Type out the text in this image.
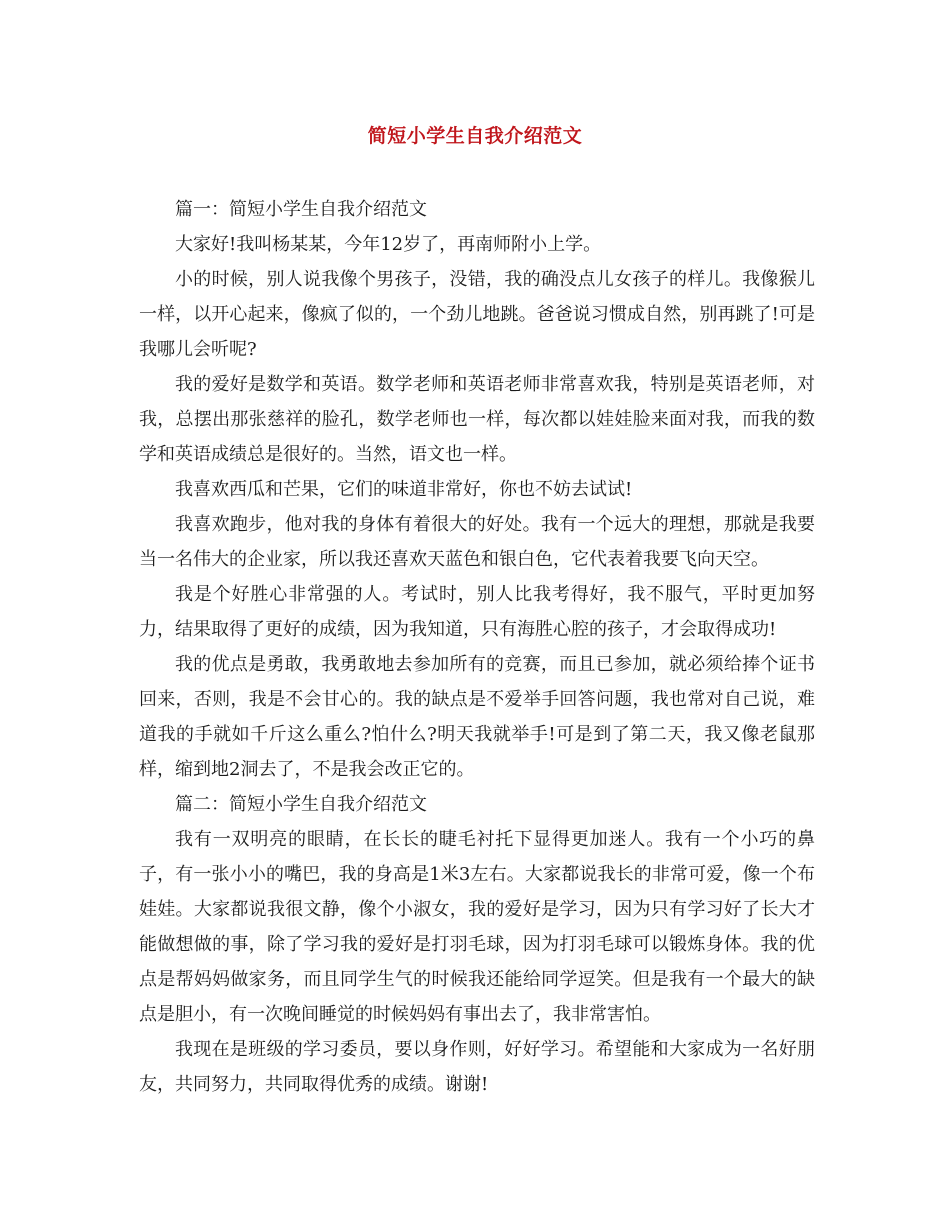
简短小学生自我介绍范文

篇一：简短小学生自我介绍范文

大家好!我叫杨某某，今年12岁了，再南师附小上学。

小的时候，别人说我像个男孩子，没错，我的确没点儿女孩子的样儿。我像猴儿一样，以开心起来，像疯了似的，一个劲儿地跳。爸爸说习惯成自然，别再跳了!可是我哪儿会听呢?

我的爱好是数学和英语。数学老师和英语老师非常喜欢我，特别是英语老师，对我，总摆出那张慈祥的脸孔，数学老师也一样，每次都以娃娃脸来面对我，而我的数学和英语成绩总是很好的。当然，语文也一样。

我喜欢西瓜和芒果，它们的味道非常好，你也不妨去试试!

我喜欢跑步，他对我的身体有着很大的好处。我有一个远大的理想，那就是我要当一名伟大的企业家，所以我还喜欢天蓝色和银白色，它代表着我要飞向天空。

我是个好胜心非常强的人。考试时，别人比我考得好，我不服气，平时更加努力，结果取得了更好的成绩，因为我知道，只有海胜心腔的孩子，才会取得成功!

我的优点是勇敢，我勇敢地去参加所有的竞赛，而且已参加，就必须给捧个证书回来，否则，我是不会甘心的。我的缺点是不爱举手回答问题，我也常对自己说，难道我的手就如千斤这么重么?怕什么?明天我就举手!可是到了第二天，我又像老鼠那样，缩到地2洞去了，不是我会改正它的。

篇二：简短小学生自我介绍范文

我有一双明亮的眼睛，在长长的睫毛衬托下显得更加迷人。我有一个小巧的鼻子，有一张小小的嘴巴，我的身高是1米3左右。大家都说我长的非常可爱，像一个布娃娃。大家都说我很文静，像个小淑女，我的爱好是学习，因为只有学习好了长大才能做想做的事，除了学习我的爱好是打羽毛球，因为打羽毛球可以锻炼身体。我的优点是帮妈妈做家务，而且同学生气的时候我还能给同学逗笑。但是我有一个最大的缺点是胆小，有一次晚间睡觉的时候妈妈有事出去了，我非常害怕。

我现在是班级的学习委员，要以身作则，好好学习。希望能和大家成为一名好朋友，共同努力，共同取得优秀的成绩。谢谢!
